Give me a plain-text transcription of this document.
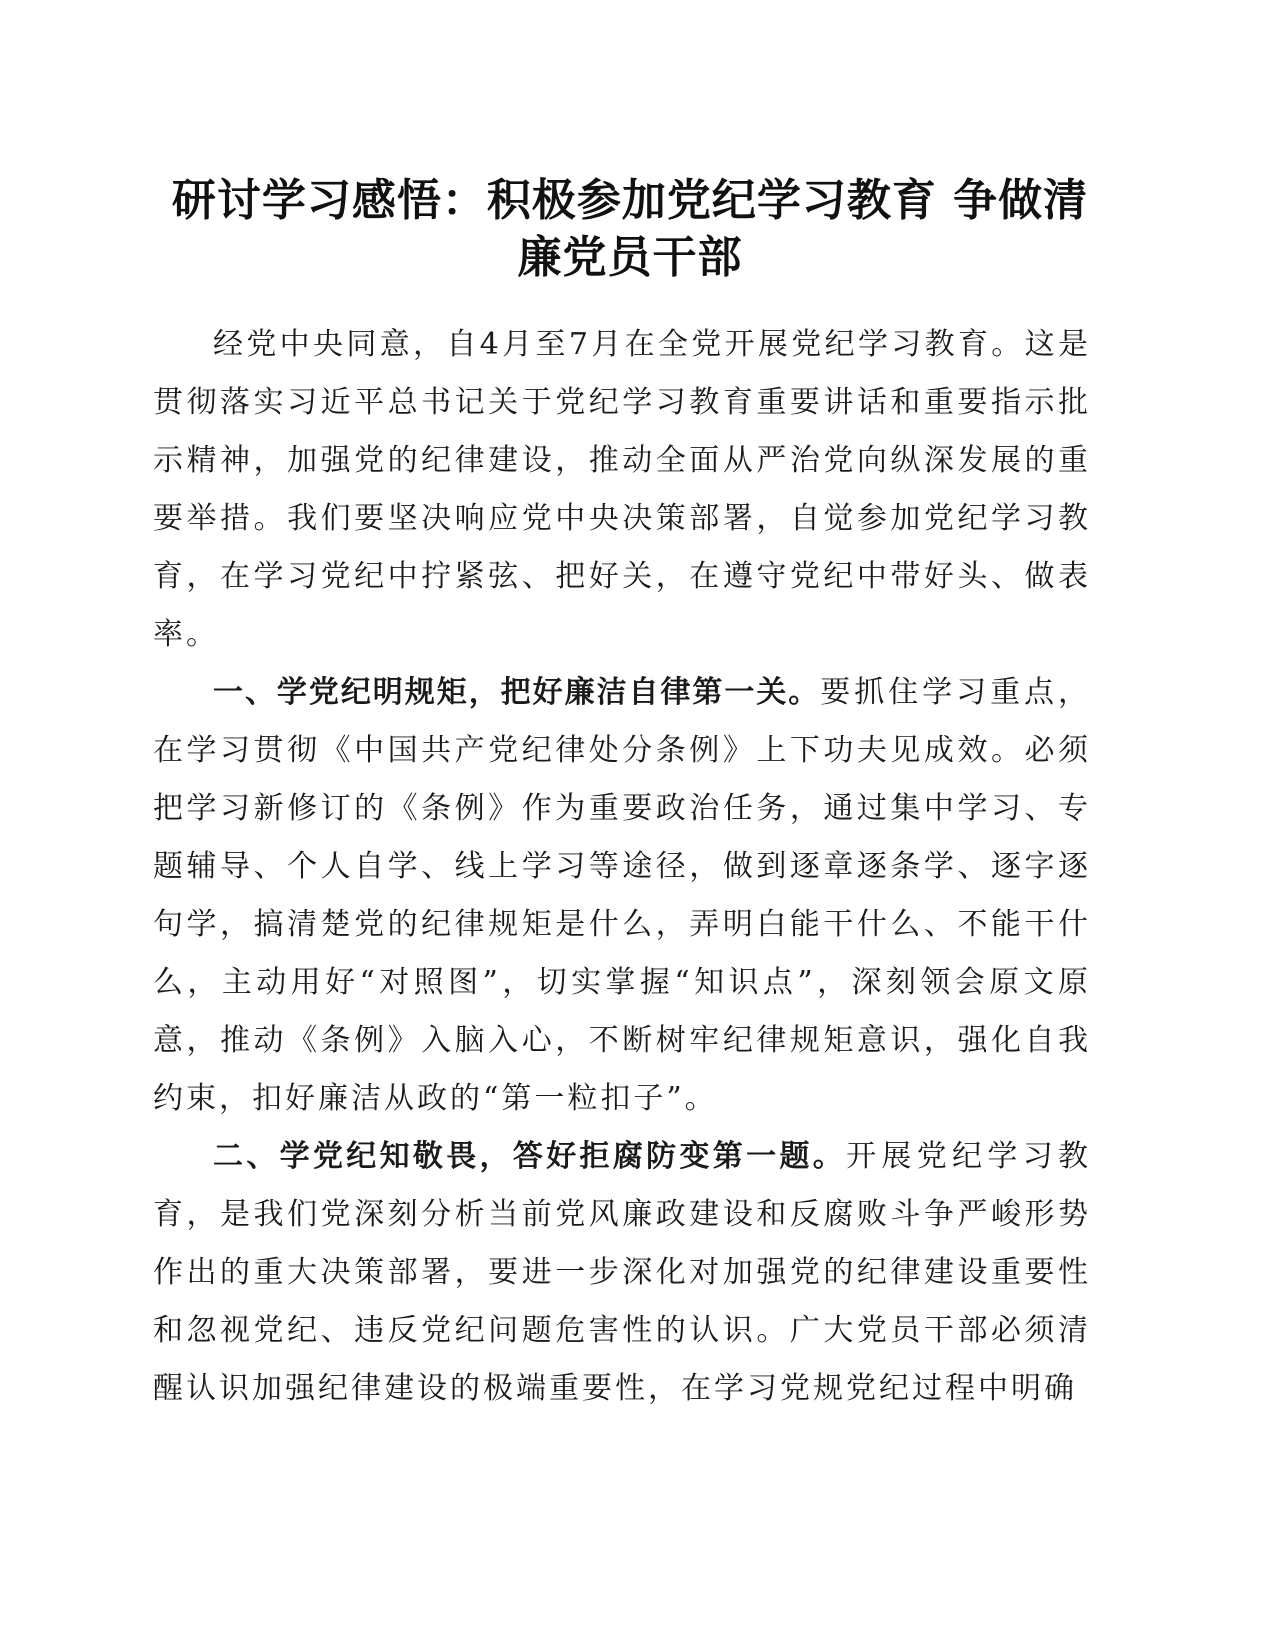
研讨学习感悟：积极参加党纪学习教育 争做清廉党员干部

经党中央同意，自4月至7月在全党开展党纪学习教育。这是贯彻落实习近平总书记关于党纪学习教育重要讲话和重要指示批示精神，加强党的纪律建设，推动全面从严治党向纵深发展的重要举措。我们要坚决响应党中央决策部署，自觉参加党纪学习教育，在学习党纪中拧紧弦、把好关，在遵守党纪中带好头、做表率。

一、学党纪明规矩，把好廉洁自律第一关。要抓住学习重点，在学习贯彻《中国共产党纪律处分条例》上下功夫见成效。必须把学习新修订的《条例》作为重要政治任务，通过集中学习、专题辅导、个人自学、线上学习等途径，做到逐章逐条学、逐字逐句学，搞清楚党的纪律规矩是什么，弄明白能干什么、不能干什么，主动用好“对照图”，切实掌握“知识点”，深刻领会原文原意，推动《条例》入脑入心，不断树牢纪律规矩意识，强化自我约束，扣好廉洁从政的“第一粒扣子”。

二、学党纪知敬畏，答好拒腐防变第一题。开展党纪学习教育，是我们党深刻分析当前党风廉政建设和反腐败斗争严峻形势作出的重大决策部署，要进一步深化对加强党的纪律建设重要性和忽视党纪、违反党纪问题危害性的认识。广大党员干部必须清醒认识加强纪律建设的极端重要性，在学习党规党纪过程中明确
